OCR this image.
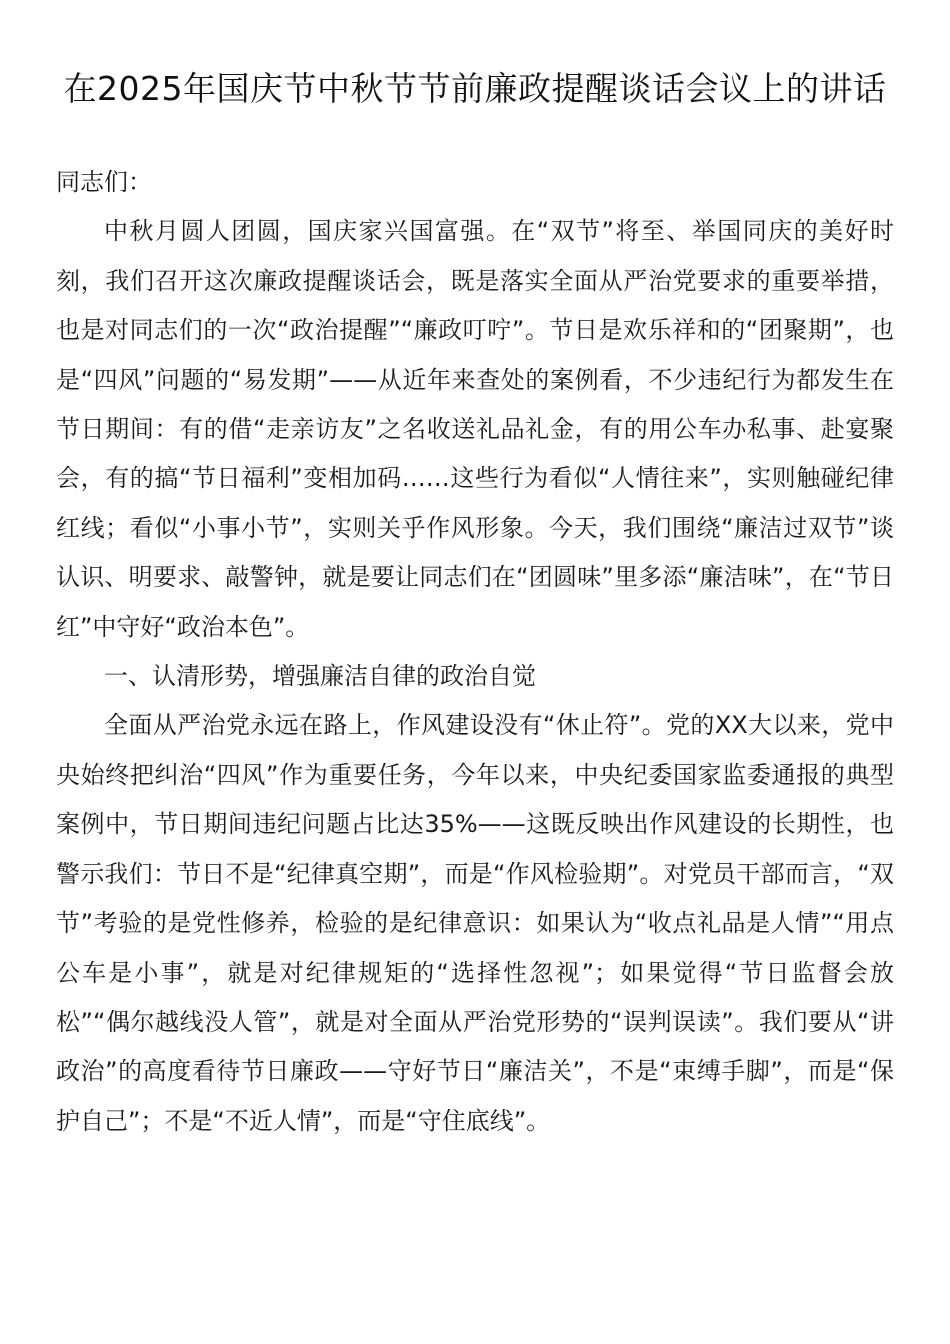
在2025年国庆节中秋节节前廉政提醒谈话会议上的讲话

同志们：

中秋月圆人团圆，国庆家兴国富强。在“双节”将至、举国同庆的美好时刻，我们召开这次廉政提醒谈话会，既是落实全面从严治党要求的重要举措，也是对同志们的一次“政治提醒”“廉政叮咛”。节日是欢乐祥和的“团聚期”，也是“四风”问题的“易发期”——从近年来查处的案例看，不少违纪行为都发生在节日期间：有的借“走亲访友”之名收送礼品礼金，有的用公车办私事、赴宴聚会，有的搞“节日福利”变相加码……这些行为看似“人情往来”，实则触碰纪律红线；看似“小事小节”，实则关乎作风形象。今天，我们围绕“廉洁过双节”谈认识、明要求、敲警钟，就是要让同志们在“团圆味”里多添“廉洁味”，在“节日红”中守好“政治本色”。

一、认清形势，增强廉洁自律的政治自觉

全面从严治党永远在路上，作风建设没有“休止符”。党的XX大以来，党中央始终把纠治“四风”作为重要任务，今年以来，中央纪委国家监委通报的典型案例中，节日期间违纪问题占比达35%——这既反映出作风建设的长期性，也警示我们：节日不是“纪律真空期”，而是“作风检验期”。对党员干部而言，“双节”考验的是党性修养，检验的是纪律意识：如果认为“收点礼品是人情”“用点公车是小事”，就是对纪律规矩的“选择性忽视”；如果觉得“节日监督会放松”“偶尔越线没人管”，就是对全面从严治党形势的“误判误读”。我们要从“讲政治”的高度看待节日廉政——守好节日“廉洁关”，不是“束缚手脚”，而是“保护自己”；不是“不近人情”，而是“守住底线”。
